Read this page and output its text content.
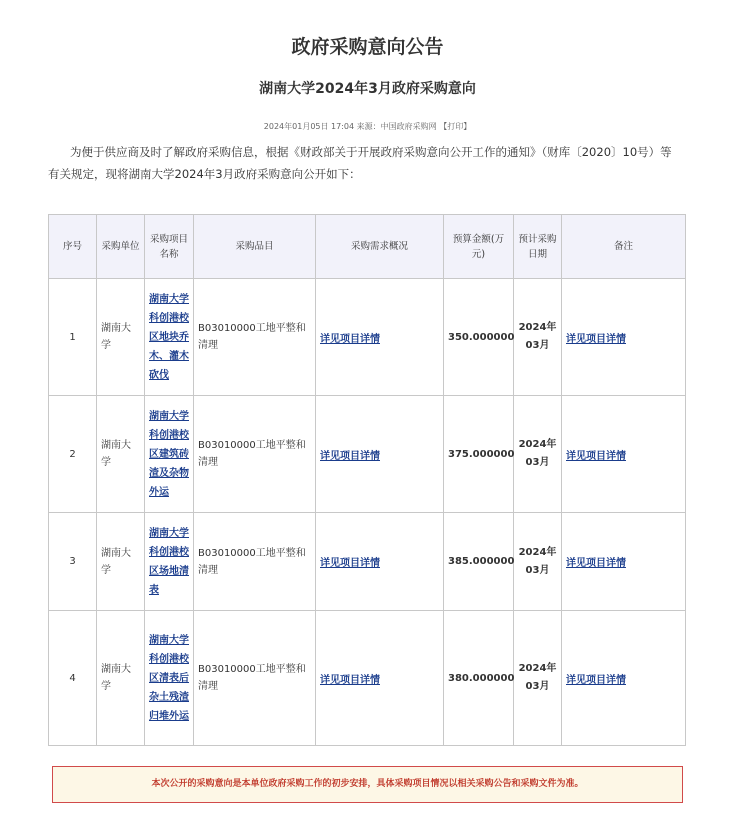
政府采购意向公告
湖南大学2024年3月政府采购意向
2024年01月05日 17:04 来源：中国政府采购网 【打印】

为便于供应商及时了解政府采购信息，根据《财政部关于开展政府采购意向公开工作的通知》（财库〔2020〕10号）等有关规定，现将湖南大学2024年3月政府采购意向公开如下：

序号	采购单位	采购项目名称	采购品目	采购需求概况	预算金额(万元)	预计采购日期	备注
1	湖南大学	湖南大学科创港校区地块乔木、灌木砍伐	B03010000工地平整和清理	详见项目详情	350.000000	2024年03月	详见项目详情
2	湖南大学	湖南大学科创港校区建筑砖渣及杂物外运	B03010000工地平整和清理	详见项目详情	375.000000	2024年03月	详见项目详情
3	湖南大学	湖南大学科创港校区场地清表	B03010000工地平整和清理	详见项目详情	385.000000	2024年03月	详见项目详情
4	湖南大学	湖南大学科创港校区清表后杂土残渣归堆外运	B03010000工地平整和清理	详见项目详情	380.000000	2024年03月	详见项目详情
本次公开的采购意向是本单位政府采购工作的初步安排，具体采购项目情况以相关采购公告和采购文件为准。
